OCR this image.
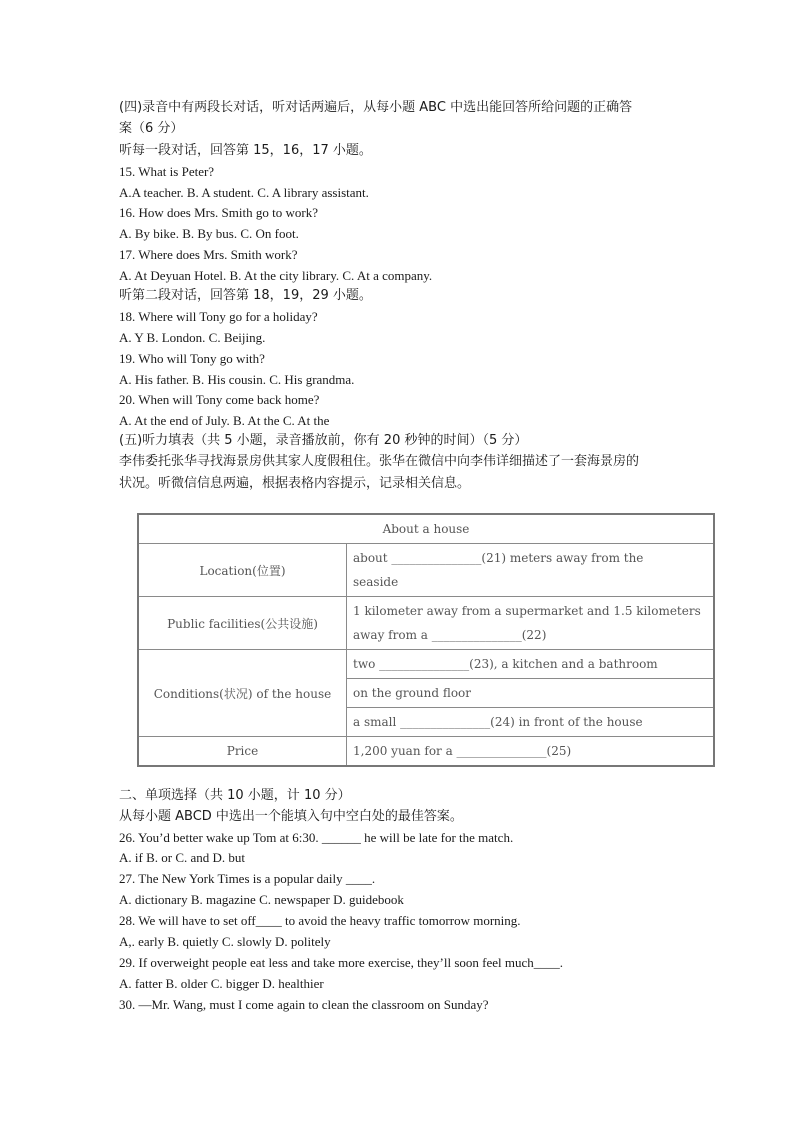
(四)录音中有两段长对话，听对话两遍后，从每小题 ABC 中选出能回答所给问题的正确答
案（6 分）
听每一段对话，回答第 15，16，17 小题。
15. What is Peter?
A.A teacher. B. A student. C. A library assistant.
16. How does Mrs. Smith go to work?
A. By bike. B. By bus. C. On foot.
17. Where does Mrs. Smith work?
A. At Deyuan Hotel. B. At the city library. C. At a company.
听第二段对话，回答第 18，19，29 小题。
18. Where will Tony go for a holiday?
A. Y B. London. C. Beijing.
19. Who will Tony go with?
A. His father. B. His cousin. C. His grandma.
20. When will Tony come back home?
A. At the end of July. B. At the C. At the
(五)听力填表（共 5 小题，录音播放前，你有 20 秒钟的时间）（5 分）
李伟委托张华寻找海景房供其家人度假租住。张华在微信中向李伟详细描述了一套海景房的
状况。听微信信息两遍，根据表格内容提示，记录相关信息。
About a house	
Location(位置)	about _______________(21) meters away from the
seaside

Public facilities(公共设施)	1 kilometer away from a supermarket and 1.5 kilometers
away from a _______________(22)

Conditions(状况) of the house	two _______________(23), a kitchen and a bathroom
	on the ground floor
	a small _______________(24) in front of the house
Price	1,200 yuan for a _______________(25)
二、单项选择（共 10 小题，计 10 分）
从每小题 ABCD 中选出一个能填入句中空白处的最佳答案。
26. You’d better wake up Tom at 6:30. ______ he will be late for the match.
A. if B. or C. and D. but
27. The New York Times is a popular daily ____.
A. dictionary B. magazine C. newspaper D. guidebook
28. We will have to set off____ to avoid the heavy traffic tomorrow morning.
A,. early B. quietly C. slowly D. politely
29. If overweight people eat less and take more exercise, they’ll soon feel much____.
A. fatter B. older C. bigger D. healthier
30. —Mr. Wang, must I come again to clean the classroom on Sunday?
